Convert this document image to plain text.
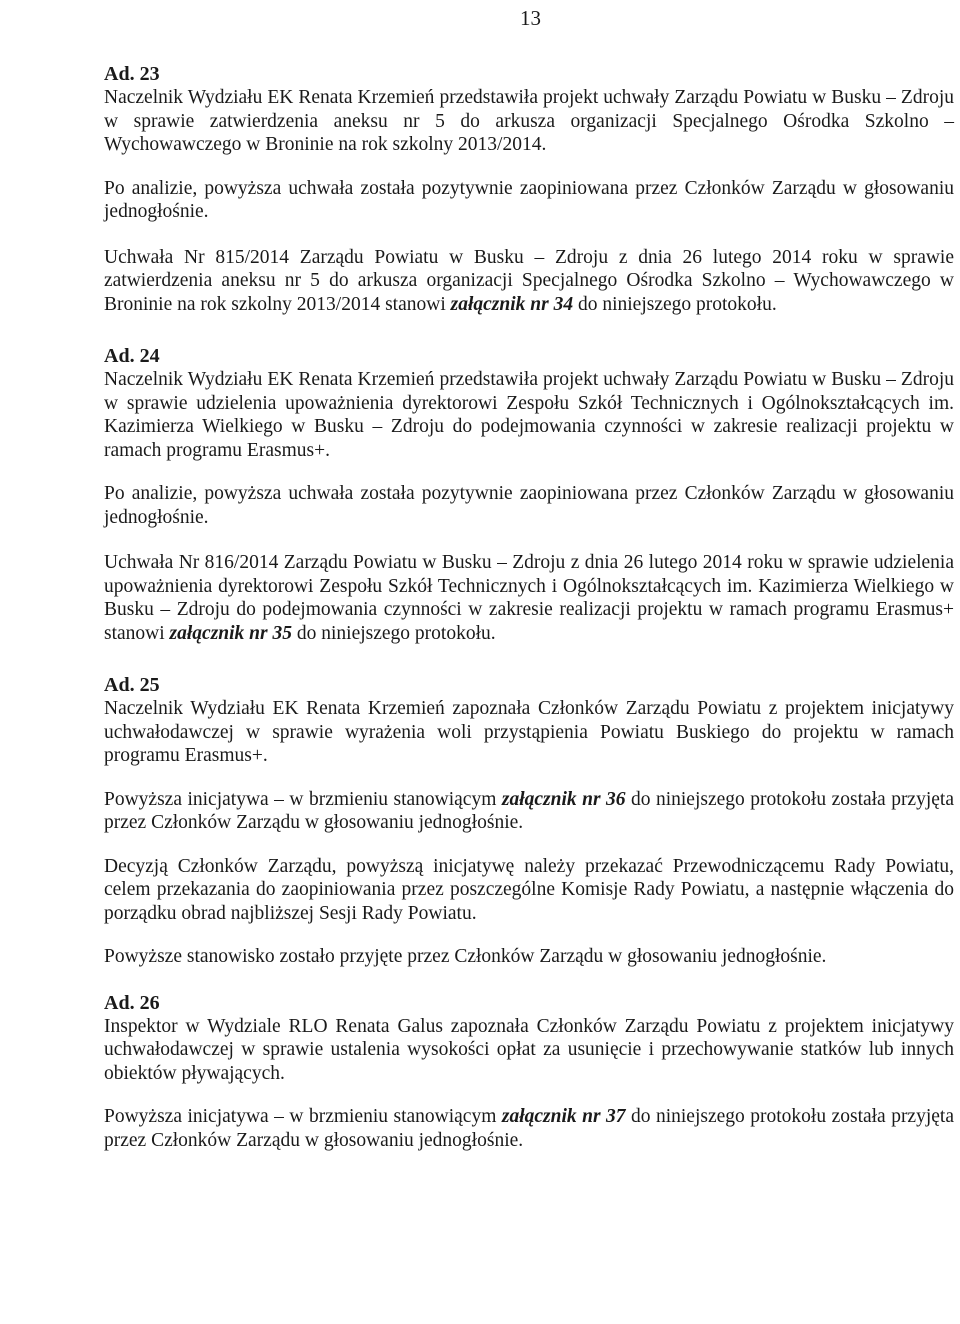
13
Ad. 23

Naczelnik Wydziału EK Renata Krzemień przedstawiła projekt uchwały Zarządu Powiatu w Busku – Zdroju w sprawie zatwierdzenia aneksu nr 5 do arkusza organizacji Specjalnego Ośrodka Szkolno – Wychowawczego w Broninie na rok szkolny 2013/2014.

Po analizie, powyższa uchwała została pozytywnie zaopiniowana przez Członków Zarządu w głosowaniu jednogłośnie.

Uchwała Nr 815/2014 Zarządu Powiatu w Busku – Zdroju z dnia 26 lutego 2014 roku w sprawie zatwierdzenia aneksu nr 5 do arkusza organizacji Specjalnego Ośrodka Szkolno – Wychowawczego w Broninie na rok szkolny 2013/2014 stanowi załącznik nr 34 do niniejszego protokołu.

Ad. 24

Naczelnik Wydziału EK Renata Krzemień przedstawiła projekt uchwały Zarządu Powiatu w Busku – Zdroju w sprawie udzielenia upoważnienia dyrektorowi Zespołu Szkół Technicznych i Ogólnokształcących im. Kazimierza Wielkiego w Busku – Zdroju do podejmowania czynności w zakresie realizacji projektu w ramach programu Erasmus+.

Po analizie, powyższa uchwała została pozytywnie zaopiniowana przez Członków Zarządu w głosowaniu jednogłośnie.

Uchwała Nr 816/2014 Zarządu Powiatu w Busku – Zdroju z dnia 26 lutego 2014 roku w sprawie udzielenia upoważnienia dyrektorowi Zespołu Szkół Technicznych i Ogólnokształcących im. Kazimierza Wielkiego w Busku – Zdroju do podejmowania czynności w zakresie realizacji projektu w ramach programu Erasmus+ stanowi załącznik nr 35 do niniejszego protokołu.

Ad. 25

Naczelnik Wydziału EK Renata Krzemień zapoznała Członków Zarządu Powiatu z projektem inicjatywy uchwałodawczej w sprawie wyrażenia woli przystąpienia Powiatu Buskiego do projektu w ramach programu Erasmus+.

Powyższa inicjatywa – w brzmieniu stanowiącym załącznik nr 36 do niniejszego protokołu została przyjęta przez Członków Zarządu w głosowaniu jednogłośnie.

Decyzją Członków Zarządu, powyższą inicjatywę należy przekazać Przewodniczącemu Rady Powiatu, celem przekazania do zaopiniowania przez poszczególne Komisje Rady Powiatu, a następnie włączenia do porządku obrad najbliższej Sesji Rady Powiatu.

Powyższe stanowisko zostało przyjęte przez Członków Zarządu w głosowaniu jednogłośnie.

Ad. 26

Inspektor w Wydziale RLO Renata Galus zapoznała Członków Zarządu Powiatu z projektem inicjatywy uchwałodawczej w sprawie ustalenia wysokości opłat za usunięcie i przechowywanie statków lub innych obiektów pływających.

Powyższa inicjatywa – w brzmieniu stanowiącym załącznik nr 37 do niniejszego protokołu została przyjęta przez Członków Zarządu w głosowaniu jednogłośnie.
